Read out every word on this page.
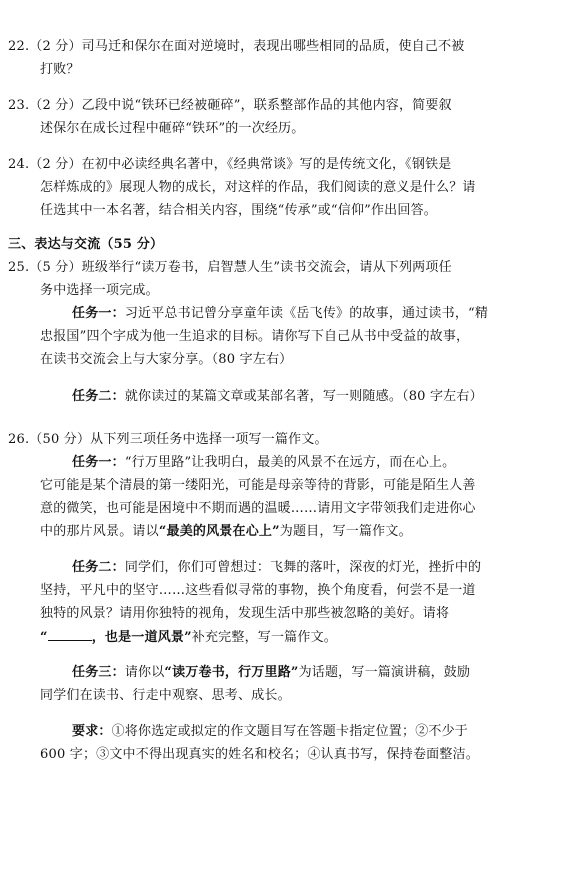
22.（2 分）司马迁和保尔在面对逆境时，表现出哪些相同的品质，使自己不被
打败？
23.（2 分）乙段中说“铁环已经被砸碎”，联系整部作品的其他内容，简要叙
述保尔在成长过程中砸碎“铁环”的一次经历。
24.（2 分）在初中必读经典名著中，《经典常谈》写的是传统文化，《钢铁是
怎样炼成的》展现人物的成长，对这样的作品，我们阅读的意义是什么？请
任选其中一本名著，结合相关内容，围绕“传承”或“信仰”作出回答。
三、表达与交流（55 分）
25.（5 分）班级举行“读万卷书，启智慧人生”读书交流会，请从下列两项任
务中选择一项完成。
任务一：习近平总书记曾分享童年读《岳飞传》的故事，通过读书，“精
忠报国”四个字成为他一生追求的目标。请你写下自己从书中受益的故事，
在读书交流会上与大家分享。（80 字左右）
任务二：就你读过的某篇文章或某部名著，写一则随感。（80 字左右）
26.（50 分）从下列三项任务中选择一项写一篇作文。
任务一：“行万里路”让我明白，最美的风景不在远方，而在心上。
它可能是某个清晨的第一缕阳光，可能是母亲等待的背影，可能是陌生人善
意的微笑，也可能是困境中不期而遇的温暖……请用文字带领我们走进你心
中的那片风景。请以“最美的风景在心上”为题目，写一篇作文。
任务二：同学们，你们可曾想过：飞舞的落叶，深夜的灯光，挫折中的
坚持，平凡中的坚守……这些看似寻常的事物，换个角度看，何尝不是一道
独特的风景？请用你独特的视角，发现生活中那些被忽略的美好。请将
“	，也是一道风景”补充完整，写一篇作文。
任务三：请你以“读万卷书，行万里路”为话题，写一篇演讲稿，鼓励
同学们在读书、行走中观察、思考、成长。
要求：①将你选定或拟定的作文题目写在答题卡指定位置；②不少于
600 字；③文中不得出现真实的姓名和校名；④认真书写，保持卷面整洁。
